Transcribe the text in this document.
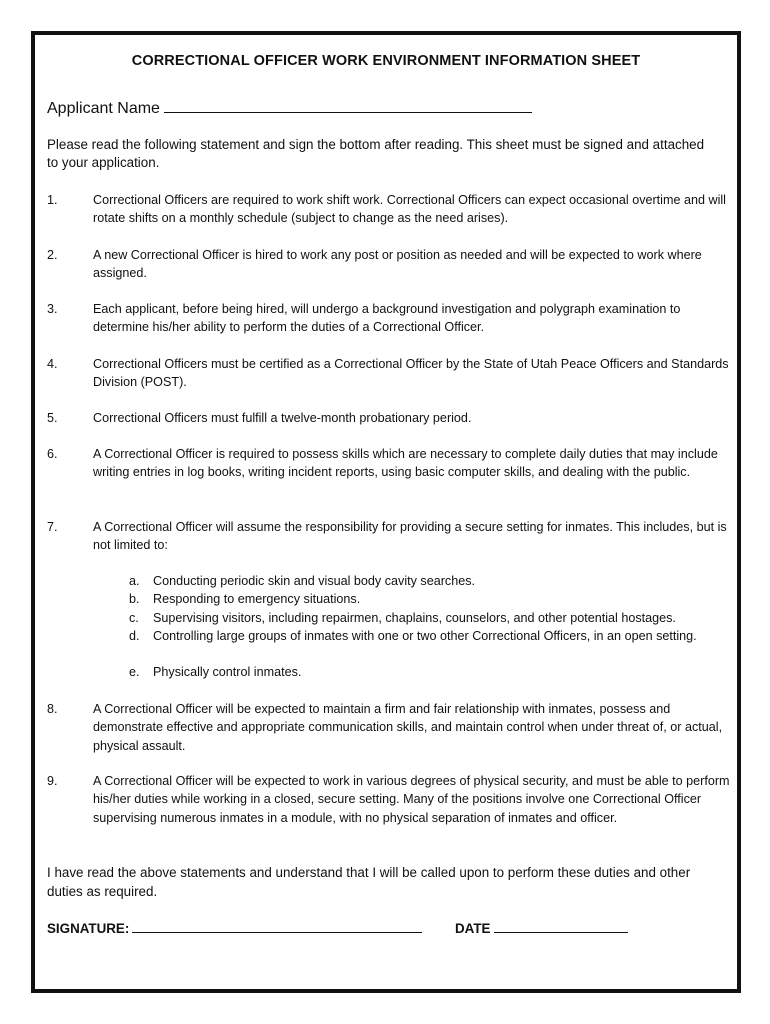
CORRECTIONAL OFFICER WORK ENVIRONMENT INFORMATION SHEET
Applicant Name
Please read the following statement and sign the bottom after reading. This sheet must be signed and attached to your application.
1.	Correctional Officers are required to work shift work. Correctional Officers can expect occasional overtime and will rotate shifts on a monthly schedule (subject to change as the need arises).
2.	A new Correctional Officer is hired to work any post or position as needed and will be expected to work where assigned.
3.	Each applicant, before being hired, will undergo a background investigation and polygraph examination to determine his/her ability to perform the duties of a Correctional Officer.
4.	Correctional Officers must be certified as a Correctional Officer by the State of Utah Peace Officers and Standards Division (POST).
5.	Correctional Officers must fulfill a twelve-month probationary period.
6.	A Correctional Officer is required to possess skills which are necessary to complete daily duties that may include writing entries in log books, writing incident reports, using basic computer skills, and dealing with the public.
7.	A Correctional Officer will assume the responsibility for providing a secure setting for inmates. This includes, but is not limited to:
a. Conducting periodic skin and visual body cavity searches.
b. Responding to emergency situations.
c. Supervising visitors, including repairmen, chaplains, counselors, and other potential hostages.
d. Controlling large groups of inmates with one or two other Correctional Officers, in an open setting.
e. Physically control inmates.
8.	A Correctional Officer will be expected to maintain a firm and fair relationship with inmates, possess and demonstrate effective and appropriate communication skills, and maintain control when under threat of, or actual, physical assault.
9.	A Correctional Officer will be expected to work in various degrees of physical security, and must be able to perform his/her duties while working in a closed, secure setting. Many of the positions involve one Correctional Officer supervising numerous inmates in a module, with no physical separation of inmates and officer.
I have read the above statements and understand that I will be called upon to perform these duties and other duties as required.
SIGNATURE:	DATE
